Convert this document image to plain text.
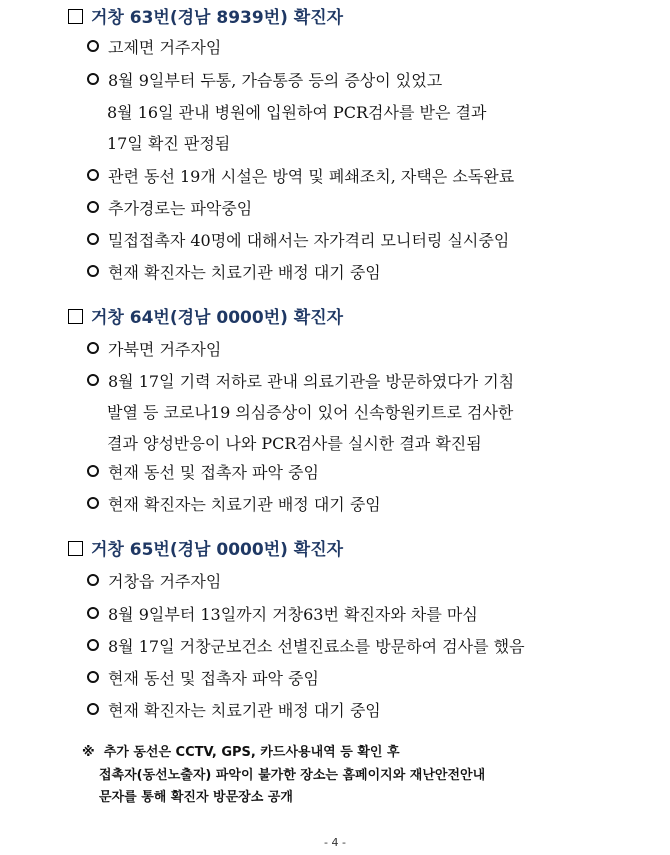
거창 63번(경남 8939번) 확진자
고제면 거주자임
8월 9일부터 두통, 가슴통증 등의 증상이 있었고
8월 16일 관내 병원에 입원하여 PCR검사를 받은 결과
17일 확진 판정됨
관련 동선 19개 시설은 방역 및 폐쇄조치, 자택은 소독완료
추가경로는 파악중임
밀접접촉자 40명에 대해서는 자가격리 모니터링 실시중임
현재 확진자는 치료기관 배정 대기 중임
거창 64번(경남 0000번) 확진자
가북면 거주자임
8월 17일 기력 저하로 관내 의료기관을 방문하였다가 기침
발열 등 코로나19 의심증상이 있어 신속항원키트로 검사한
결과 양성반응이 나와 PCR검사를 실시한 결과 확진됨
현재 동선 및 접촉자 파악 중임
현재 확진자는 치료기관 배정 대기 중임
거창 65번(경남 0000번) 확진자
거창읍 거주자임
8월 9일부터 13일까지 거창63번 확진자와 차를 마심
8월 17일 거창군보건소 선별진료소를 방문하여 검사를 했음
현재 동선 및 접촉자 파악 중임
현재 확진자는 치료기관 배정 대기 중임
※ 추가 동선은 CCTV, GPS, 카드사용내역 등 확인 후
접촉자(동선노출자) 파악이 불가한 장소는 홈페이지와 재난안전안내
문자를 통해 확진자 방문장소 공개
- 4 -
